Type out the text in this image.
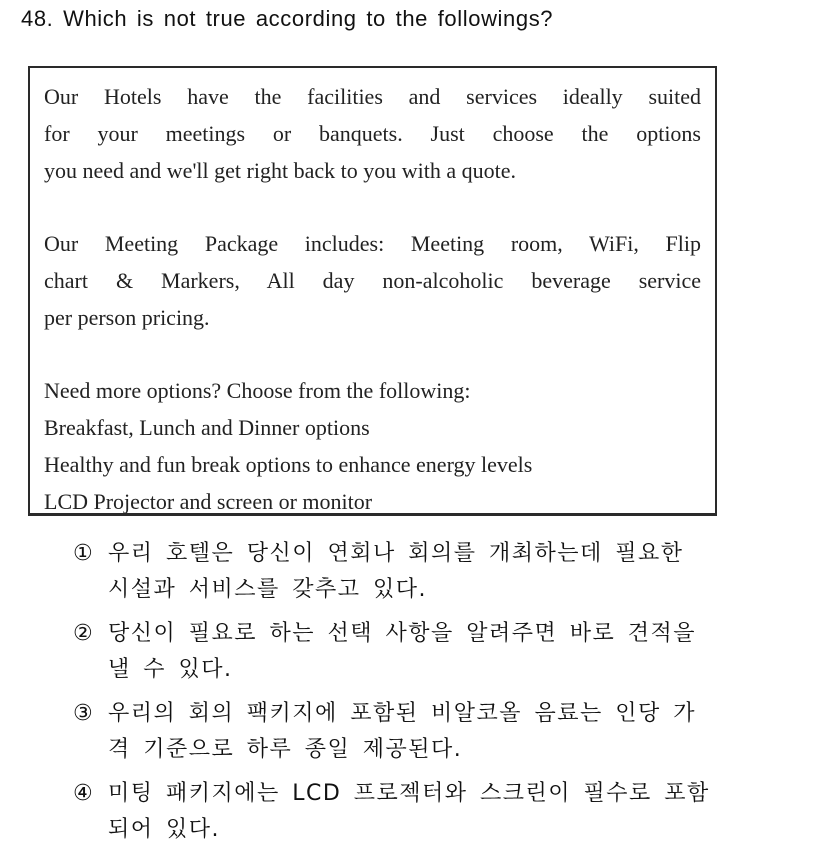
48. Which is not true according to the followings?
Our Hotels have the facilities and services ideally suited
for your meetings or banquets. Just choose the options
you need and we'll get right back to you with a quote.
Our Meeting Package includes: Meeting room, WiFi, Flip
chart & Markers, All day non-alcoholic beverage service
per person pricing.
Need more options? Choose from the following:
Breakfast, Lunch and Dinner options
Healthy and fun break options to enhance energy levels
LCD Projector and screen or monitor
① 우리 호텔은 당신이 연회나 회의를 개최하는데 필요한
시설과 서비스를 갖추고 있다.
② 당신이 필요로 하는 선택 사항을 알려주면 바로 견적을
낼 수 있다.
③ 우리의 회의 팩키지에 포함된 비알코올 음료는 인당 가
격 기준으로 하루 종일 제공된다.
④ 미팅 패키지에는 LCD 프로젝터와 스크린이 필수로 포함
되어 있다.
